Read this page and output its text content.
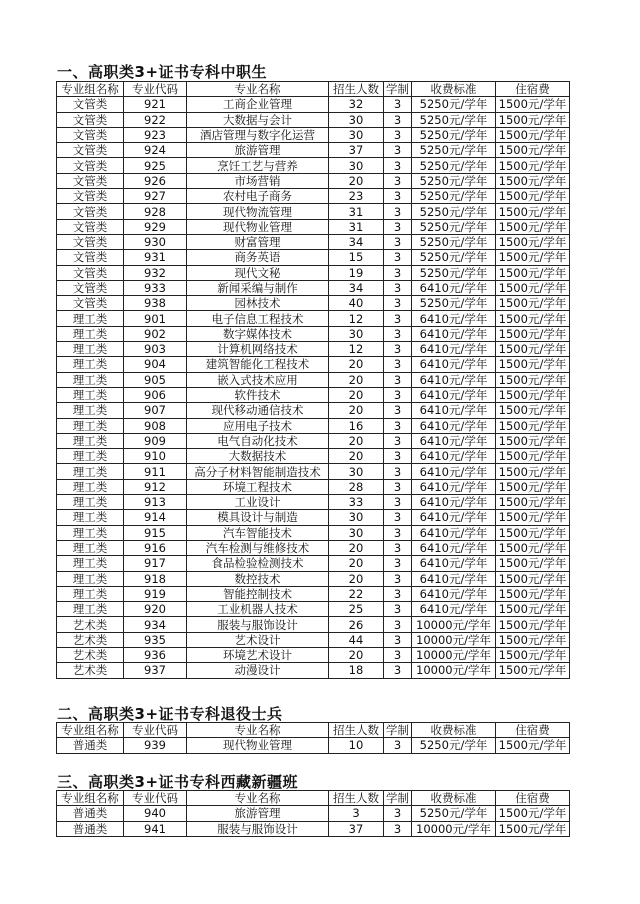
一、高职类3+证书专科中职生
专业组名称	专业代码	专业名称	招生人数	学制	收费标准	住宿费
文管类	921	工商企业管理	32	3	5250元/学年	1500元/学年
文管类	922	大数据与会计	30	3	5250元/学年	1500元/学年
文管类	923	酒店管理与数字化运营	30	3	5250元/学年	1500元/学年
文管类	924	旅游管理	37	3	5250元/学年	1500元/学年
文管类	925	烹饪工艺与营养	30	3	5250元/学年	1500元/学年
文管类	926	市场营销	20	3	5250元/学年	1500元/学年
文管类	927	农村电子商务	23	3	5250元/学年	1500元/学年
文管类	928	现代物流管理	31	3	5250元/学年	1500元/学年
文管类	929	现代物业管理	31	3	5250元/学年	1500元/学年
文管类	930	财富管理	34	3	5250元/学年	1500元/学年
文管类	931	商务英语	15	3	5250元/学年	1500元/学年
文管类	932	现代文秘	19	3	5250元/学年	1500元/学年
文管类	933	新闻采编与制作	34	3	6410元/学年	1500元/学年
文管类	938	园林技术	40	3	5250元/学年	1500元/学年
理工类	901	电子信息工程技术	12	3	6410元/学年	1500元/学年
理工类	902	数字媒体技术	30	3	6410元/学年	1500元/学年
理工类	903	计算机网络技术	12	3	6410元/学年	1500元/学年
理工类	904	建筑智能化工程技术	20	3	6410元/学年	1500元/学年
理工类	905	嵌入式技术应用	20	3	6410元/学年	1500元/学年
理工类	906	软件技术	20	3	6410元/学年	1500元/学年
理工类	907	现代移动通信技术	20	3	6410元/学年	1500元/学年
理工类	908	应用电子技术	16	3	6410元/学年	1500元/学年
理工类	909	电气自动化技术	20	3	6410元/学年	1500元/学年
理工类	910	大数据技术	20	3	6410元/学年	1500元/学年
理工类	911	高分子材料智能制造技术	30	3	6410元/学年	1500元/学年
理工类	912	环境工程技术	28	3	6410元/学年	1500元/学年
理工类	913	工业设计	33	3	6410元/学年	1500元/学年
理工类	914	模具设计与制造	30	3	6410元/学年	1500元/学年
理工类	915	汽车智能技术	30	3	6410元/学年	1500元/学年
理工类	916	汽车检测与维修技术	20	3	6410元/学年	1500元/学年
理工类	917	食品检验检测技术	20	3	6410元/学年	1500元/学年
理工类	918	数控技术	20	3	6410元/学年	1500元/学年
理工类	919	智能控制技术	22	3	6410元/学年	1500元/学年
理工类	920	工业机器人技术	25	3	6410元/学年	1500元/学年
艺术类	934	服装与服饰设计	26	3	10000元/学年	1500元/学年
艺术类	935	艺术设计	44	3	10000元/学年	1500元/学年
艺术类	936	环境艺术设计	20	3	10000元/学年	1500元/学年
艺术类	937	动漫设计	18	3	10000元/学年	1500元/学年
二、高职类3+证书专科退役士兵
专业组名称	专业代码	专业名称	招生人数	学制	收费标准	住宿费
普通类	939	现代物业管理	10	3	5250元/学年	1500元/学年
三、高职类3+证书专科西藏新疆班
专业组名称	专业代码	专业名称	招生人数	学制	收费标准	住宿费
普通类	940	旅游管理	3	3	5250元/学年	1500元/学年
普通类	941	服装与服饰设计	37	3	10000元/学年	1500元/学年
